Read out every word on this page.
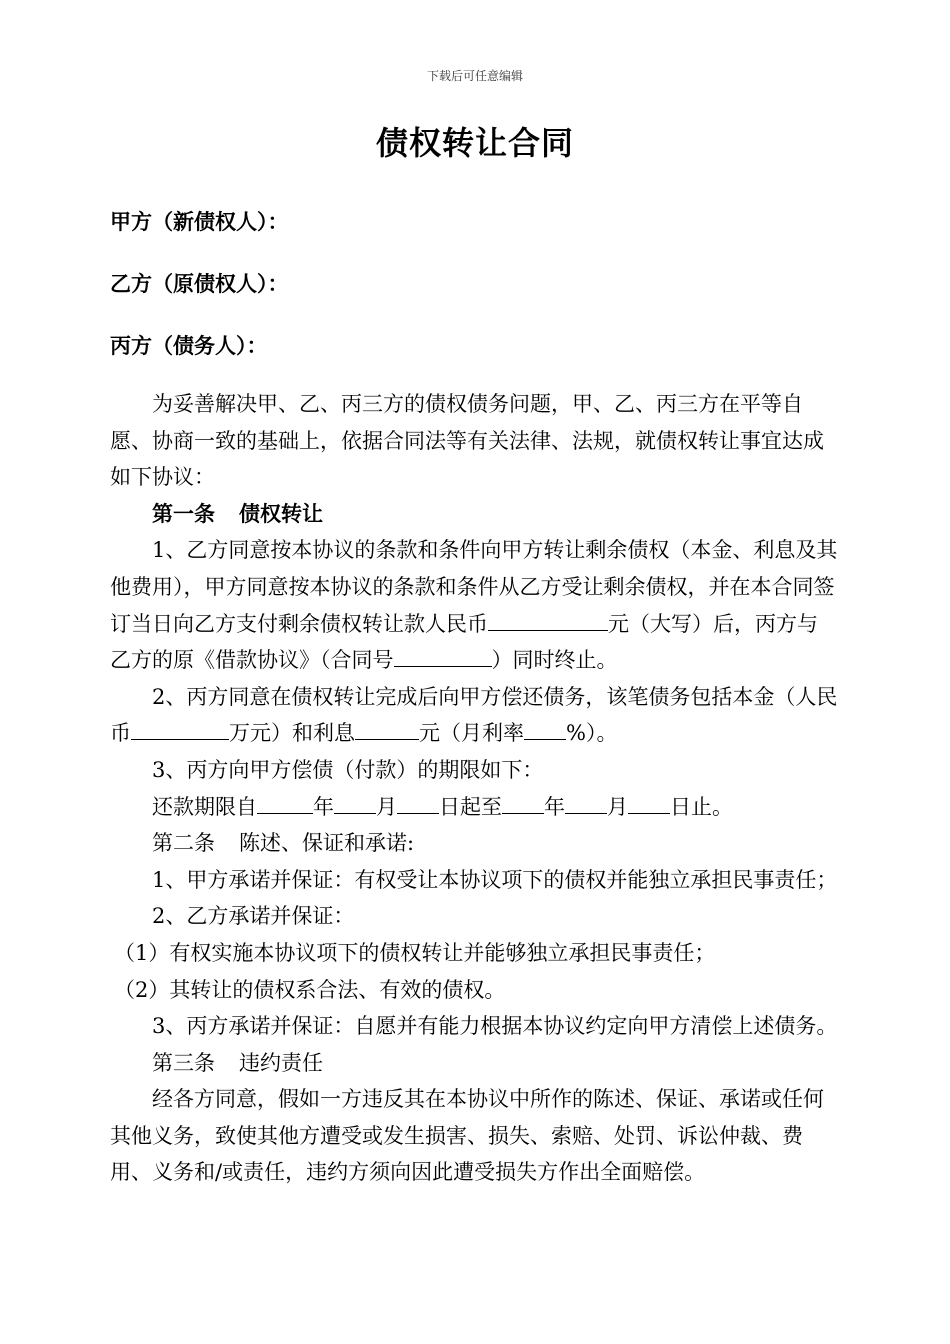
下载后可任意编辑
债权转让合同
甲方（新债权人）：
乙方（原债权人）：
丙方（债务人）：

为妥善解决甲、乙、丙三方的债权债务问题，甲、乙、丙三方在平等自愿、协商一致的基础上，依据合同法等有关法律、法规，就债权转让事宜达成如下协议：

第一条 债权转让

1、乙方同意按本协议的条款和条件向甲方转让剩余债权（本金、利息及其他费用），甲方同意按本协议的条款和条件从乙方受让剩余债权，并在本合同签订当日向乙方支付剩余债权转让款人民币	元（大写）后，丙方与乙方的原《借款协议》（合同号	）同时终止。

2、丙方同意在债权转让完成后向甲方偿还债务，该笔债务包括本金（人民币	万元）和利息	元（月利率 %）。

3、丙方向甲方偿债（付款）的期限如下：

还款期限自	年 月 日起至 年 月 日止。

第二条 陈述、保证和承诺:

1、甲方承诺并保证：有权受让本协议项下的债权并能独立承担民事责任；

2、乙方承诺并保证：

（1）有权实施本协议项下的债权转让并能够独立承担民事责任；

（2）其转让的债权系合法、有效的债权。

3、丙方承诺并保证：自愿并有能力根据本协议约定向甲方清偿上述债务。

第三条 违约责任

经各方同意，假如一方违反其在本协议中所作的陈述、保证、承诺或任何其他义务，致使其他方遭受或发生损害、损失、索赔、处罚、诉讼仲裁、费用、义务和/或责任，违约方须向因此遭受损失方作出全面赔偿。
